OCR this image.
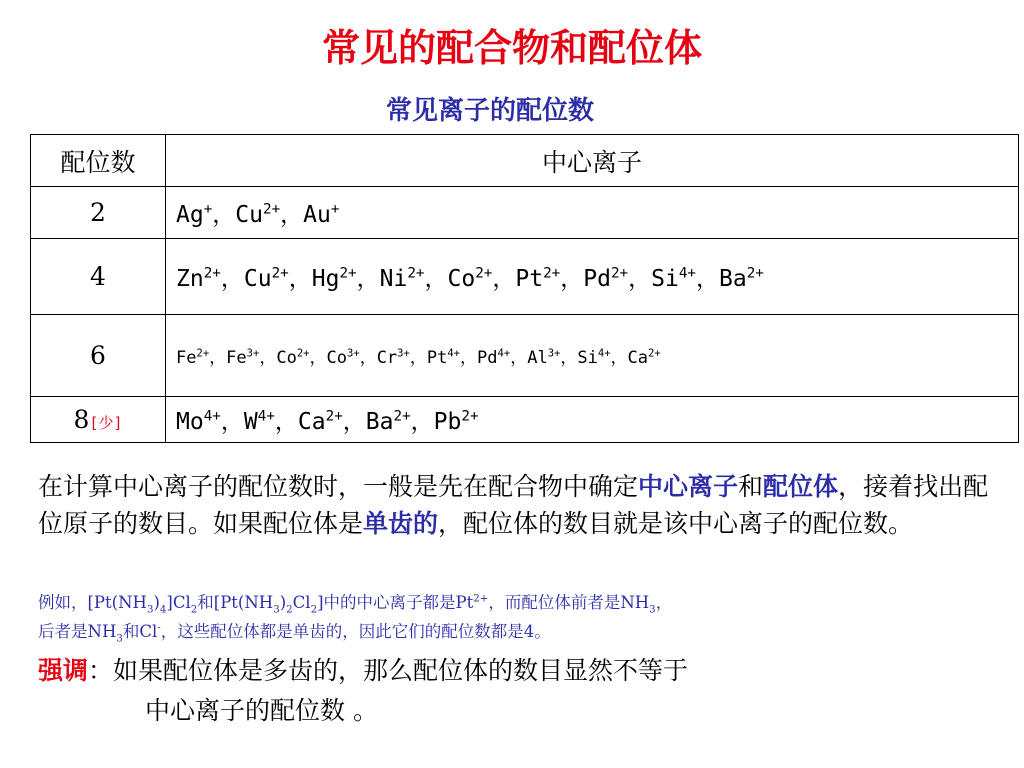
常见的配合物和配位体
常见离子的配位数
配位数	中心离子
2	Ag+，$Cu^{2+}$，Au+
4	$Zn^{2+}$，$Cu^{2+}$，$Hg^{2+}$，$Ni^{2+}$，$Co^{2+}$，$Pt^{2+}$，$Pd^{2+}$，$Si^{4+}$，$Ba^{2+}$
6	$Fe^{2+}$，$Fe^{3+}$，$Co^{2+}$，$Co^{3+}$，$Cr^{3+}$，$Pt^{4+}$，$Pd^{4+}$，$Al^{3+}$，$Si^{4+}$，$Ca^{2+}$
8[少]	$Mo^{4+}$，$W^{4+}$，$Ca^{2+}$，$Ba^{2+}$，$Pb^{2+}$
在计算中心离子的配位数时，一般是先在配合物中确定中心离子和配位体，接着找出配位原子的数目。如果配位体是单齿的，配位体的数目就是该中心离子的配位数。
例如，$[Pt(NH_3)_4]Cl_2$和$[Pt(NH_3)_2Cl_2]$中的中心离子都是$Pt^{2+}$，而配位体前者是$NH_3$，
后者是$NH_3$和Cl-，这些配位体都是单齿的，因此它们的配位数都是4。
强调：如果配位体是多齿的，那么配位体的数目显然不等于
中心离子的配位数 。
